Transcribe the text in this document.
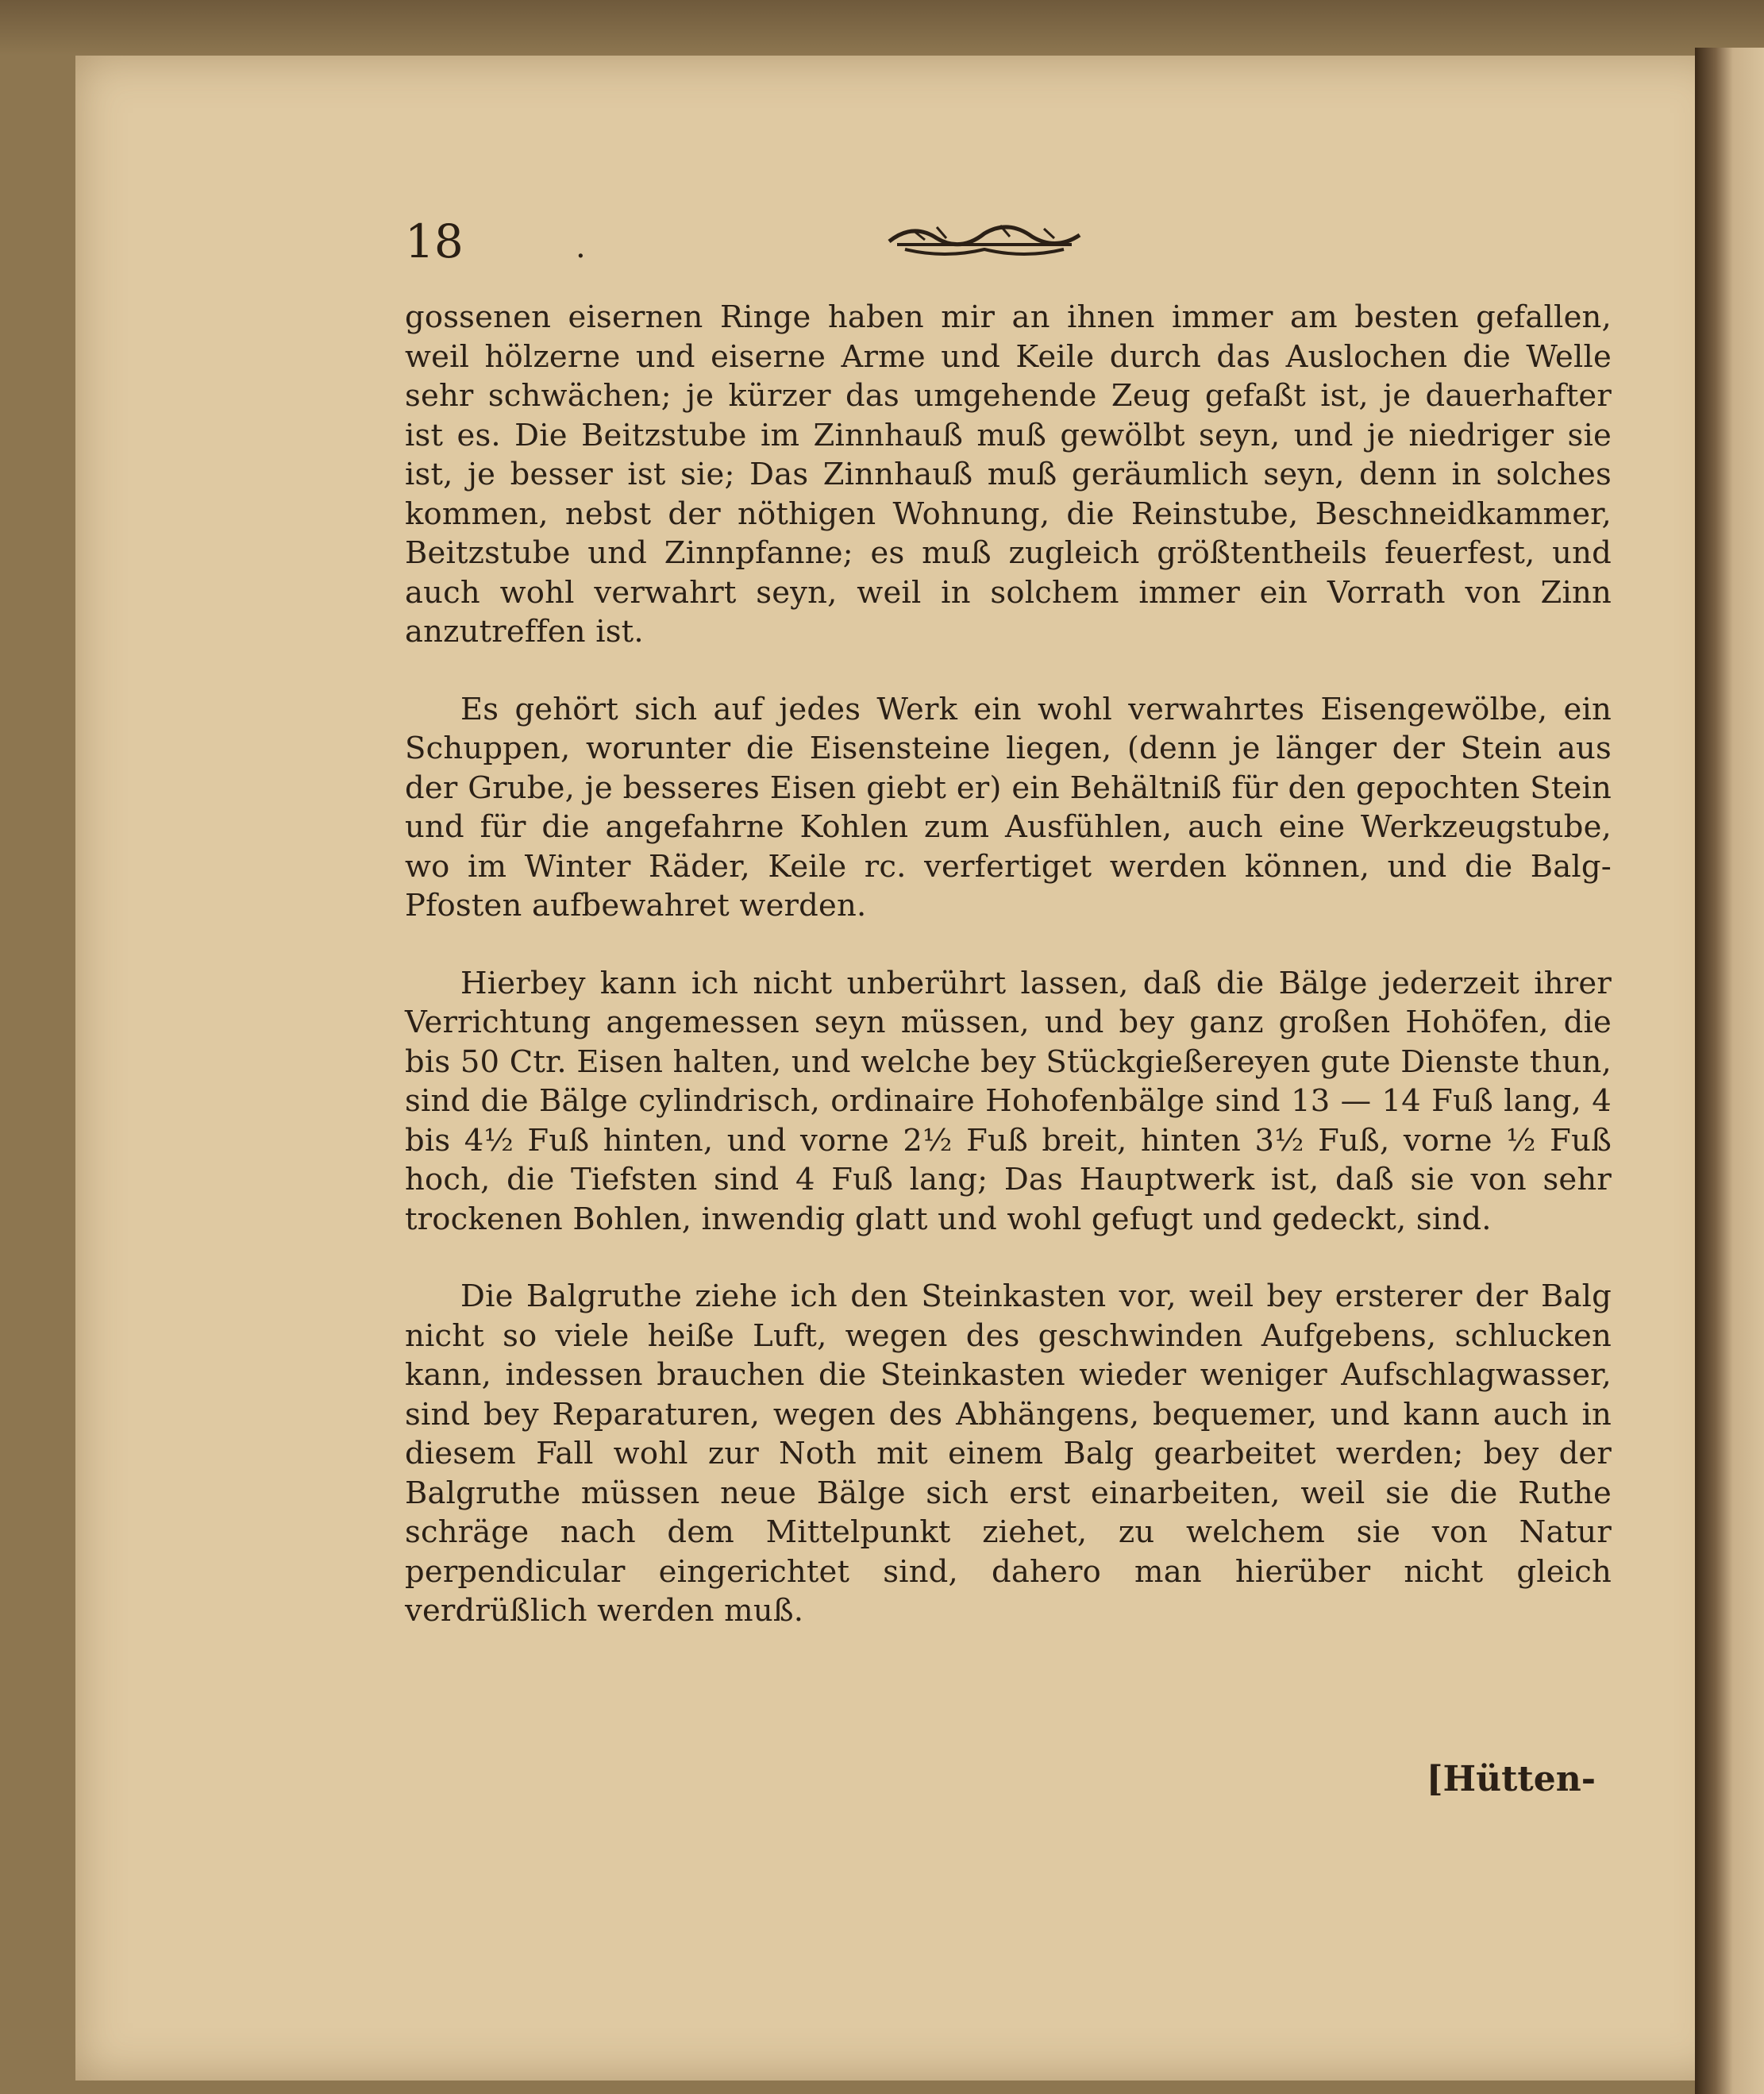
18	.

gossenen eisernen Ringe haben mir an ihnen immer am besten gefallen, weil hölzerne und eiserne Arme und Keile durch das Auslochen die Welle sehr schwächen; je kürzer das umgehende Zeug gefaßt ist, je dauerhafter ist es. Die Beitzstube im Zinnhauß muß gewölbt seyn, und je niedriger sie ist, je besser ist sie; Das Zinnhauß muß geräumlich seyn, denn in solches kommen, nebst der nöthigen Wohnung, die Reinstube, Beschneidkammer, Beitzstube und Zinnpfanne; es muß zugleich größtentheils feuerfest, und auch wohl verwahrt seyn, weil in solchem immer ein Vorrath von Zinn anzutreffen ist.

Es gehört sich auf jedes Werk ein wohl verwahrtes Eisengewölbe, ein Schuppen, worunter die Eisensteine liegen, (denn je länger der Stein aus der Grube, je besseres Eisen giebt er) ein Behältniß für den gepochten Stein und für die angefahrne Kohlen zum Ausfühlen, auch eine Werkzeugstube, wo im Winter Räder, Keile rc. verfertiget werden können, und die Balg-Pfosten aufbewahret werden.

Hierbey kann ich nicht unberührt lassen, daß die Bälge jederzeit ihrer Verrichtung angemessen seyn müssen, und bey ganz großen Hohöfen, die bis 50 Ctr. Eisen halten, und welche bey Stückgießereyen gute Dienste thun, sind die Bälge cylindrisch, ordinaire Hohofenbälge sind 13 — 14 Fuß lang, 4 bis 4½ Fuß hinten, und vorne 2½ Fuß breit, hinten 3½ Fuß, vorne ½ Fuß hoch, die Tiefsten sind 4 Fuß lang; Das Hauptwerk ist, daß sie von sehr trockenen Bohlen, inwendig glatt und wohl gefugt und gedeckt, sind.

Die Balgruthe ziehe ich den Steinkasten vor, weil bey ersterer der Balg nicht so viele heiße Luft, wegen des geschwinden Aufgebens, schlucken kann, indessen brauchen die Steinkasten wieder weniger Aufschlagwasser, sind bey Reparaturen, wegen des Abhängens, bequemer, und kann auch in diesem Fall wohl zur Noth mit einem Balg gearbeitet werden; bey der Balgruthe müssen neue Bälge sich erst einarbeiten, weil sie die Ruthe schräge nach dem Mittelpunkt ziehet, zu welchem sie von Natur perpendicular eingerichtet sind, dahero man hierüber nicht gleich verdrüßlich werden muß.

[Hütten-
